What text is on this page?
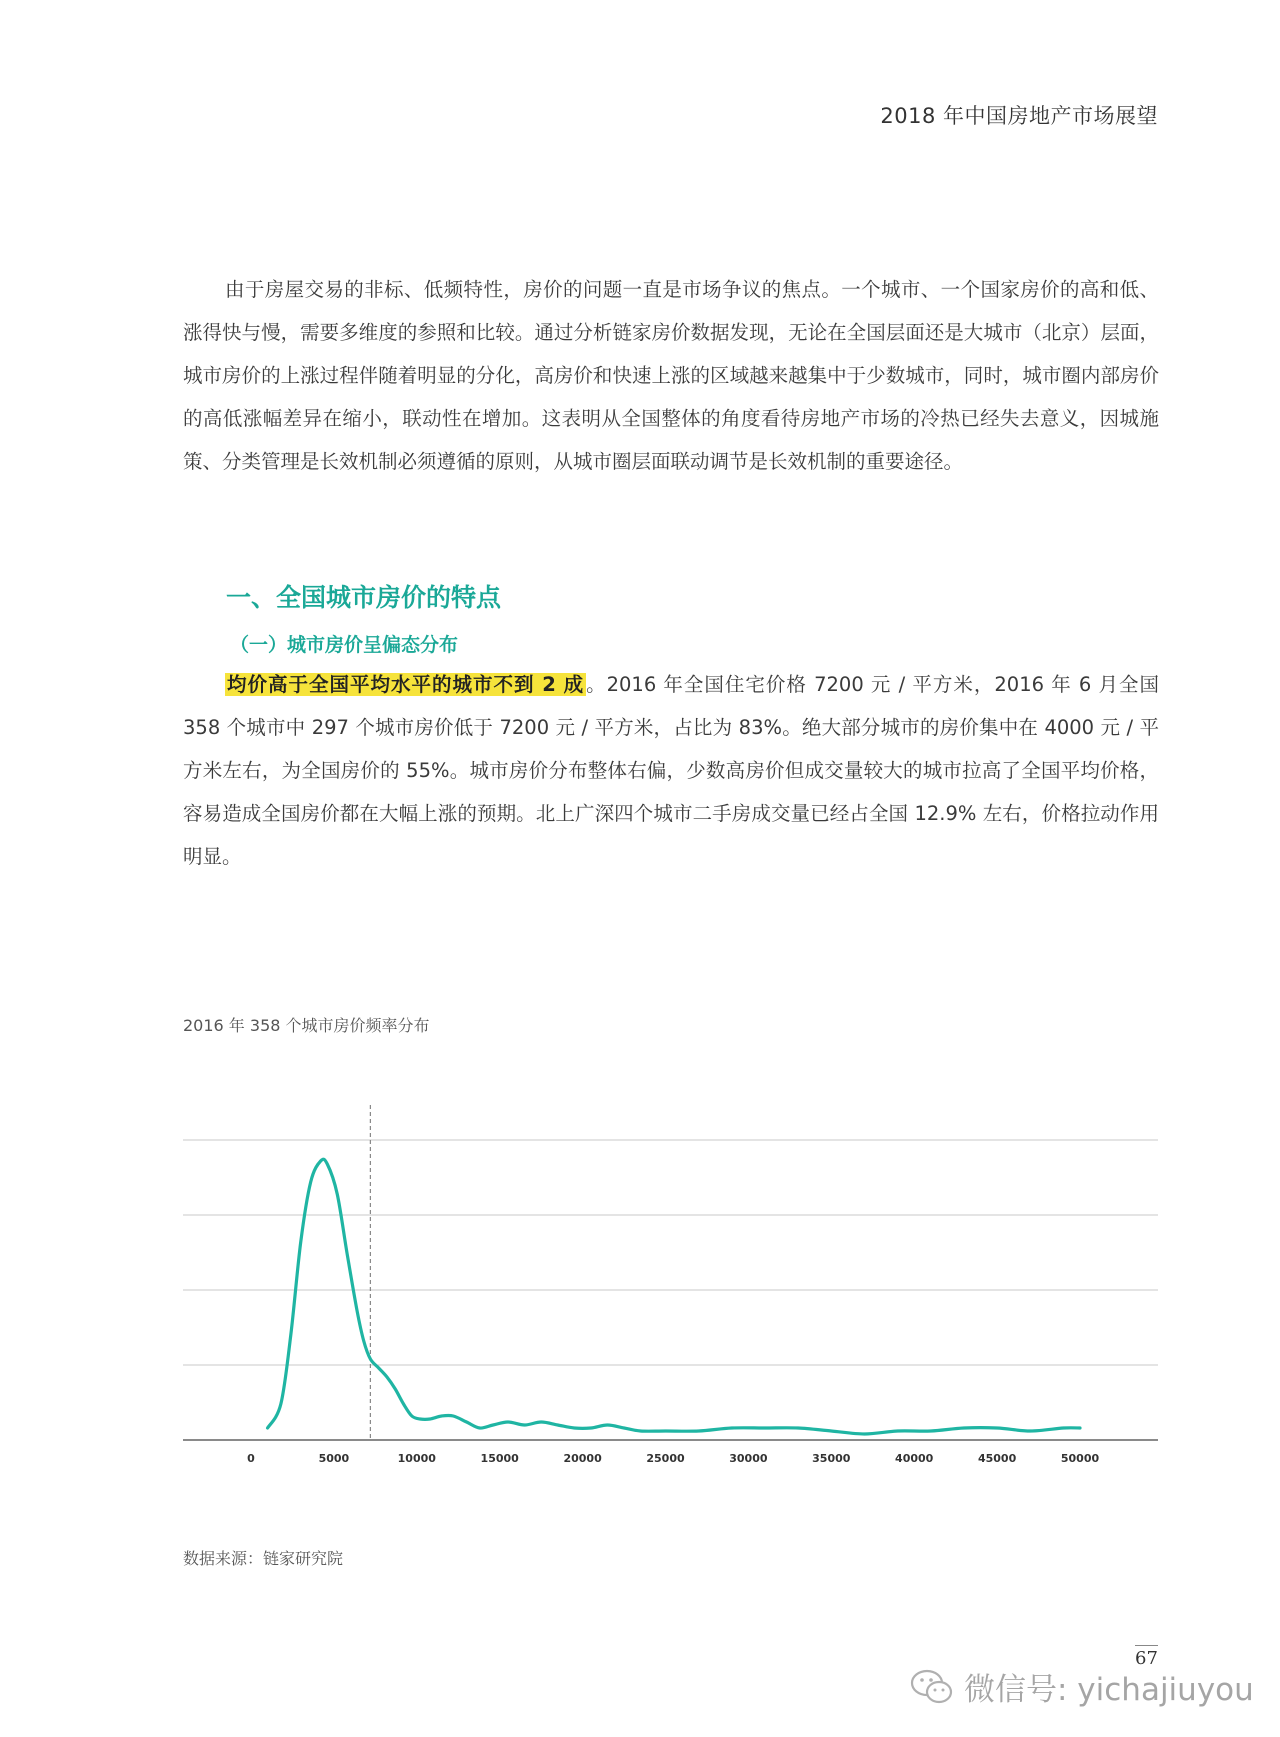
2018 年中国房地产市场展望

由于房屋交易的非标、低频特性，房价的问题一直是市场争议的焦点。一个城市、一个国家房价的高和低、涨得快与慢，需要多维度的参照和比较。通过分析链家房价数据发现，无论在全国层面还是大城市（北京）层面，城市房价的上涨过程伴随着明显的分化，高房价和快速上涨的区域越来越集中于少数城市，同时，城市圈内部房价的高低涨幅差异在缩小，联动性在增加。这表明从全国整体的角度看待房地产市场的冷热已经失去意义，因城施策、分类管理是长效机制必须遵循的原则，从城市圈层面联动调节是长效机制的重要途径。

一、全国城市房价的特点
（一）城市房价呈偏态分布

均价高于全国平均水平的城市不到 2 成 。2016 年全国住宅价格 7200 元 / 平方米，2016 年 6 月全国 358 个城市中 297 个城市房价低于 7200 元 / 平方米，占比为 83%。绝大部分城市的房价集中在 4000 元 / 平方米左右，为全国房价的 55%。城市房价分布整体右偏，少数高房价但成交量较大的城市拉高了全国平均价格，容易造成全国房价都在大幅上涨的预期。北上广深四个城市二手房成交量已经占全国 12.9% 左右，价格拉动作用明显。

2016 年 358 个城市房价频率分布
0	5000	10000	15000	20000	25000	30000	35000	40000	45000	50000
数据来源：链家研究院
67
微信号: yichajiuyou
